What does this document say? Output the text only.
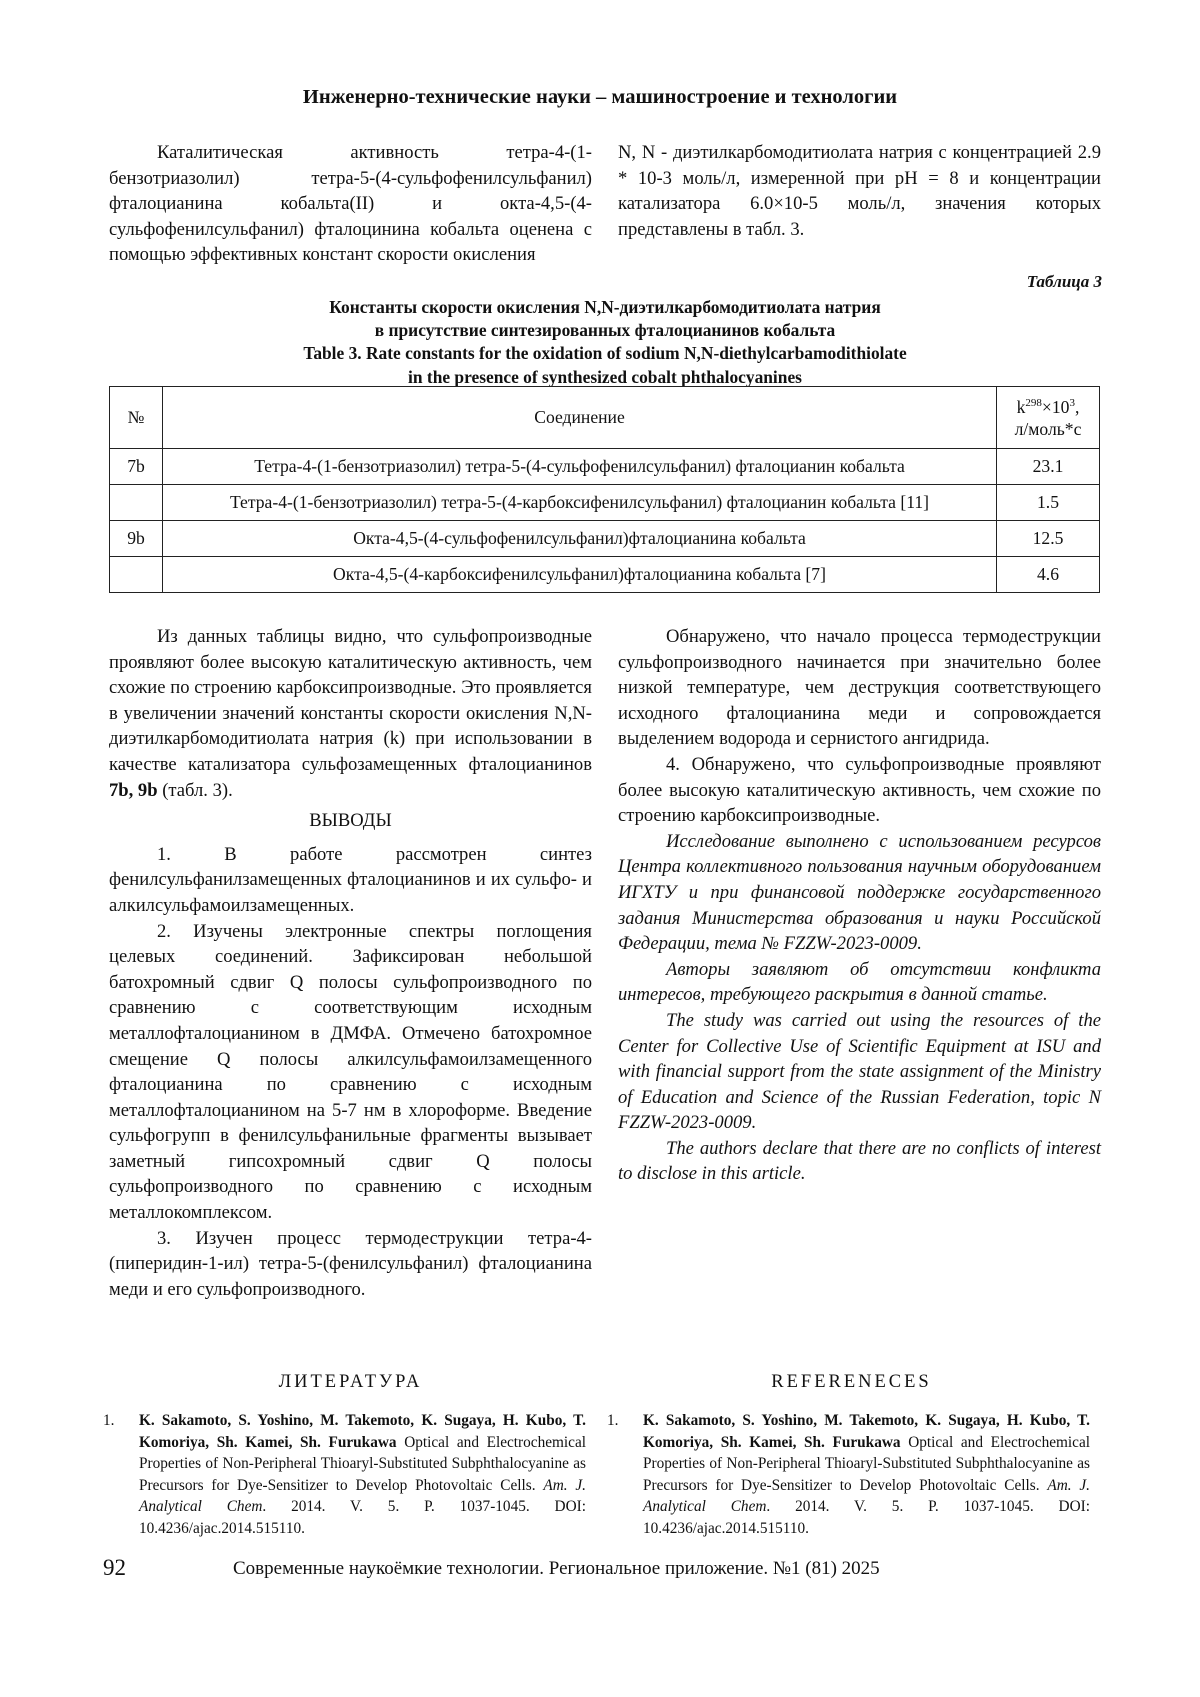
Инженерно-технические науки – машиностроение и технологии

Каталитическая активность тетра-4-(1-бензотриазолил) тетра-5-(4-сульфофенилсульфанил) фталоцианина кобальта(II) и окта-4,5-(4-сульфофенилсульфанил) фталоцинина кобальта оценена с помощью эффективных констант скорости окисления

N, N - диэтилкарбомодитиолата натрия с концентрацией 2.9 * 10-3 моль/л, измеренной при pH = 8 и концентрации катализатора 6.0×10-5 моль/л, значения которых представлены в табл. 3.

Таблица 3
Константы скорости окисления N,N-диэтилкарбомодитиолата натрия
в присутствие синтезированных фталоцианинов кобальта
Table 3. Rate constants for the oxidation of sodium N,N-diethylcarbamodithiolate
in the presence of synthesized cobalt phthalocyanines
№	Соединение	$k^{298}\times 10^3$,
л/моль*с
7b	Тетра-4-(1-бензотриазолил) тетра-5-(4-сульфофенилсульфанил) фталоцианин кобальта	23.1
	Тетра-4-(1-бензотриазолил) тетра-5-(4-карбоксифенилсульфанил) фталоцианин кобальта [11]	1.5
9b	Окта-4,5-(4-сульфофенилсульфанил)фталоцианина кобальта	12.5
	Окта-4,5-(4-карбоксифенилсульфанил)фталоцианина кобальта [7]	4.6

Из данных таблицы видно, что сульфопроизводные проявляют более высокую каталитическую активность, чем схожие по строению карбоксипроизводные. Это проявляется в увеличении значений константы скорости окисления N,N-диэтилкарбомодитиолата натрия (k) при использовании в качестве катализатора сульфозамещенных фталоцианинов 7b, 9b (табл. 3).

ВЫВОДЫ

1. В работе рассмотрен синтез фенилсульфанилзамещенных фталоцианинов и их сульфо- и алкилсульфамоилзамещенных.

2. Изучены электронные спектры поглощения целевых соединений. Зафиксирован небольшой батохромный сдвиг Q полосы сульфопроизводного по сравнению с соответствующим исходным металлофталоцианином в ДМФА. Отмечено батохромное смещение Q полосы алкилсульфамоилзамещенного фталоцианина по сравнению с исходным металлофталоцианином на 5-7 нм в хлороформе. Введение сульфогрупп в фенилсульфанильные фрагменты вызывает заметный гипсохромный сдвиг Q полосы сульфопроизводного по сравнению с исходным металлокомплексом.

3. Изучен процесс термодеструкции тетра-4-(пиперидин-1-ил) тетра-5-(фенилсульфанил) фталоцианина меди и его сульфопроизводного.

Обнаружено, что начало процесса термодеструкции сульфопроизводного начинается при значительно более низкой температуре, чем деструкция соответствующего исходного фталоцианина меди и сопровождается выделением водорода и сернистого ангидрида.

4. Обнаружено, что сульфопроизводные проявляют более высокую каталитическую активность, чем схожие по строению карбоксипроизводные.

Исследование выполнено с использованием ресурсов Центра коллективного пользования научным оборудованием ИГХТУ и при финансовой поддержке государственного задания Министерства образования и науки Российской Федерации, тема № FZZW-2023-0009.

Авторы заявляют об отсутствии конфликта интересов, требующего раскрытия в данной статье.

The study was carried out using the resources of the Center for Collective Use of Scientific Equipment at ISU and with financial support from the state assignment of the Ministry of Education and Science of the Russian Federation, topic N FZZW-2023-0009.

The authors declare that there are no conflicts of interest to disclose in this article.

ЛИТЕРАТУРА	REFERENECES
1.	K. Sakamoto, S. Yoshino, M. Takemoto, K. Sugaya, H. Kubo, T. Komoriya, Sh. Kamei, Sh. Furukawa Optical and Electrochemical Properties of Non-Peripheral Thioaryl-Substituted Subphthalocyanine as Precursors for Dye-Sensitizer to Develop Photovoltaic Cells. Am. J. Analytical Chem. 2014. V. 5. P. 1037-1045. DOI: 10.4236/ajac.2014.515110.
1.	K. Sakamoto, S. Yoshino, M. Takemoto, K. Sugaya, H. Kubo, T. Komoriya, Sh. Kamei, Sh. Furukawa Optical and Electrochemical Properties of Non-Peripheral Thioaryl-Substituted Subphthalocyanine as Precursors for Dye-Sensitizer to Develop Photovoltaic Cells. Am. J. Analytical Chem. 2014. V. 5. P. 1037-1045. DOI: 10.4236/ajac.2014.515110.
92	Современные наукоёмкие технологии. Региональное приложение. №1 (81) 2025
